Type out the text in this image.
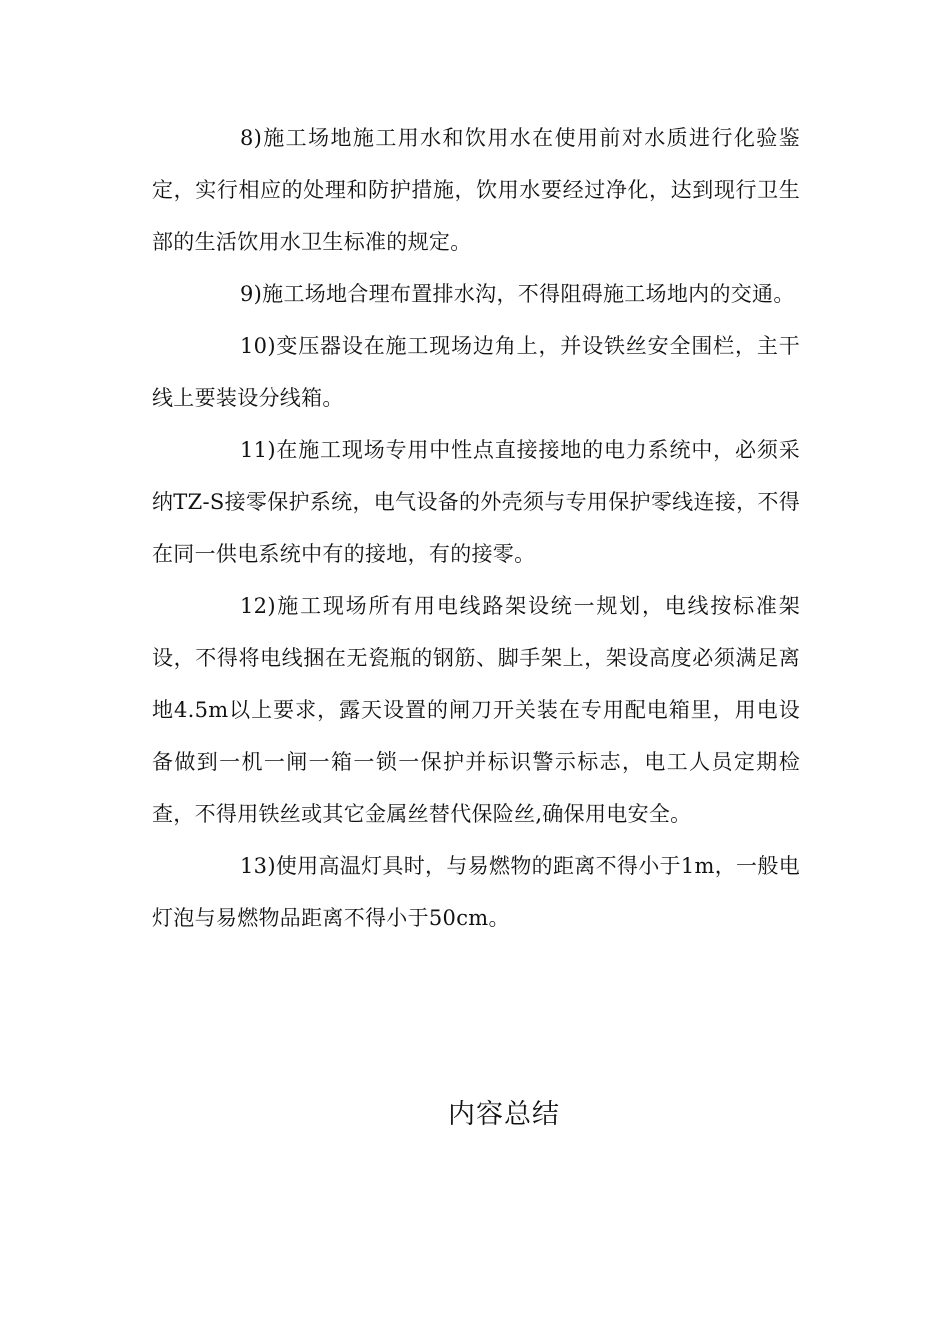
8)施工场地施工用水和饮用水在使用前对水质进行化验鉴定，实行相应的处理和防护措施，饮用水要经过净化，达到现行卫生部的生活饮用水卫生标准的规定。

9)施工场地合理布置排水沟，不得阻碍施工场地内的交通。

10)变压器设在施工现场边角上，并设铁丝安全围栏，主干线上要装设分线箱。

11)在施工现场专用中性点直接接地的电力系统中，必须采纳TZ-S接零保护系统，电气设备的外壳须与专用保护零线连接，不得在同一供电系统中有的接地，有的接零。

12)施工现场所有用电线路架设统一规划，电线按标准架设，不得将电线捆在无瓷瓶的钢筋、脚手架上，架设高度必须满足离地4.5m以上要求，露天设置的闸刀开关装在专用配电箱里，用电设备做到一机一闸一箱一锁一保护并标识警示标志，电工人员定期检查，不得用铁丝或其它金属丝替代保险丝,确保用电安全。

13)使用高温灯具时，与易燃物的距离不得小于1m，一般电灯泡与易燃物品距离不得小于50cm。

内容总结
